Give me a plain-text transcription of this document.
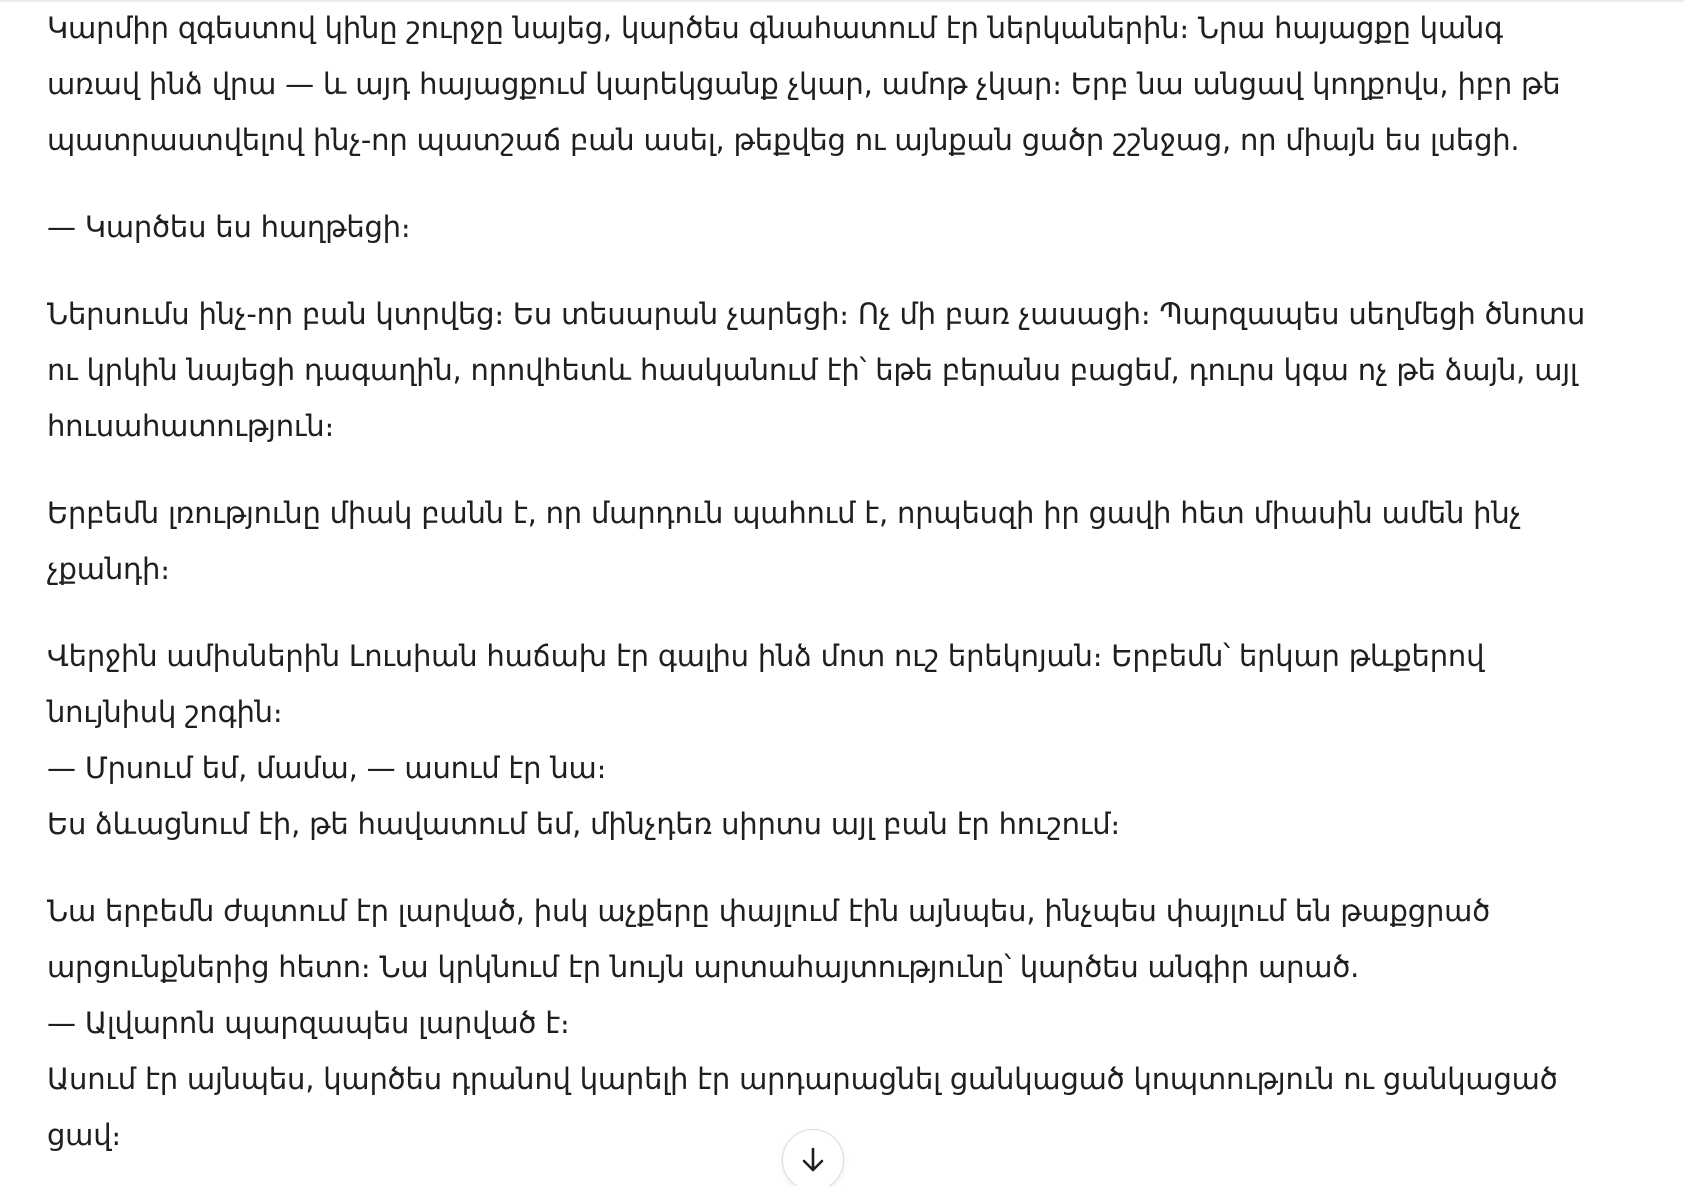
Կարմիր զգեստով կինը շուրջը նայեց, կարծես գնահատում էր ներկաներին։ Նրա հայացքը կանգ
առավ ինձ վրա — և այդ հայացքում կարեկցանք չկար, ամոթ չկար։ Երբ նա անցավ կողքովս, իբր թե
պատրաստվելով ինչ-որ պատշաճ բան ասել, թեքվեց ու այնքան ցածր շշնջաց, որ միայն ես լսեցի.
— Կարծես ես հաղթեցի։
Ներսումս ինչ-որ բան կտրվեց։ Ես տեսարան չարեցի։ Ոչ մի բառ չասացի։ Պարզապես սեղմեցի ծնոտս
ու կրկին նայեցի դագաղին, որովհետև հասկանում էի՝ եթե բերանս բացեմ, դուրս կգա ոչ թե ձայն, այլ
հուսահատություն։
Երբեմն լռությունը միակ բանն է, որ մարդուն պահում է, որպեսզի իր ցավի հետ միասին ամեն ինչ
չքանդի։
Վերջին ամիսներին Լուսիան հաճախ էր գալիս ինձ մոտ ուշ երեկոյան։ Երբեմն՝ երկար թևքերով
նույնիսկ շոգին։
— Մրսում եմ, մամա, — ասում էր նա։
Ես ձևացնում էի, թե հավատում եմ, մինչդեռ սիրտս այլ բան էր հուշում։
Նա երբեմն ժպտում էր լարված, իսկ աչքերը փայլում էին այնպես, ինչպես փայլում են թաքցրած
արցունքներից հետո։ Նա կրկնում էր նույն արտահայտությունը՝ կարծես անգիր արած.
— Ալվարոն պարզապես լարված է։
Ասում էր այնպես, կարծես դրանով կարելի էր արդարացնել ցանկացած կոպտություն ու ցանկացած
ցավ։
